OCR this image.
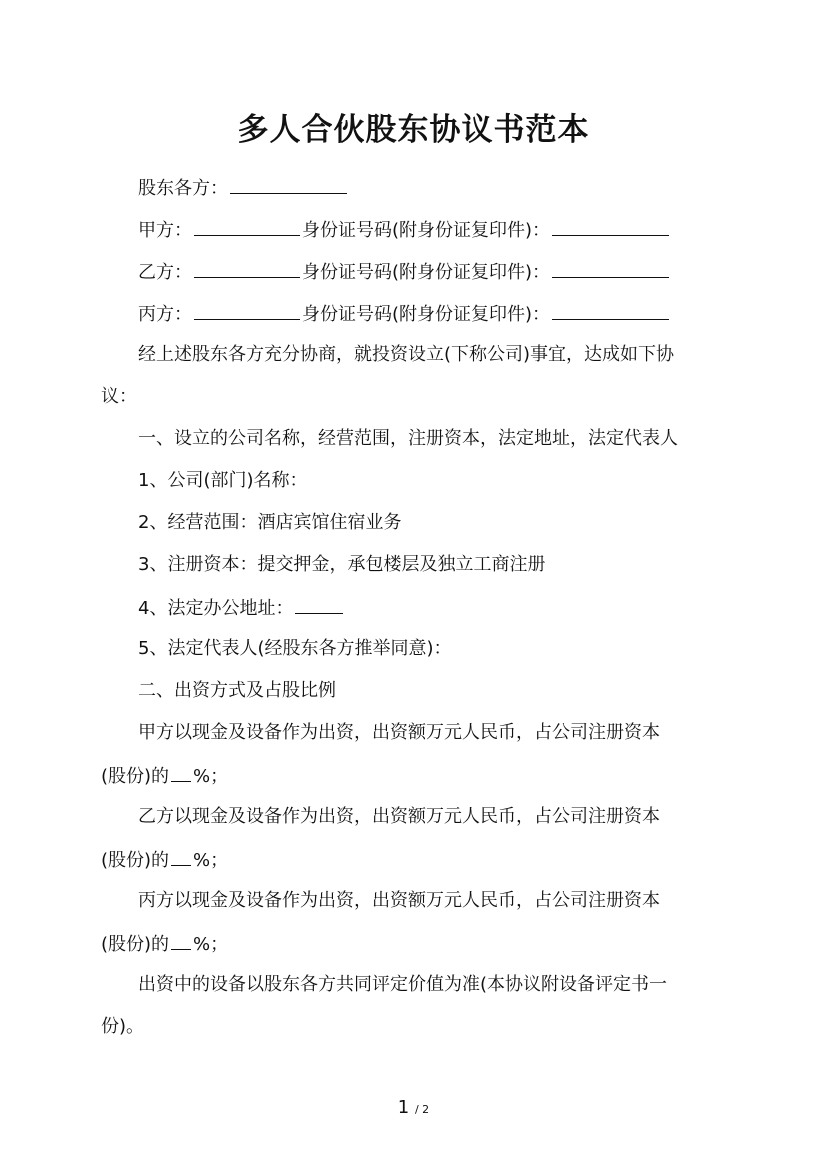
多人合伙股东协议书范本
股东各方：
甲方：	身份证号码(附身份证复印件)：
乙方：	身份证号码(附身份证复印件)：
丙方：	身份证号码(附身份证复印件)：
经上述股东各方充分协商，就投资设立(下称公司)事宜，达成如下协
议：
一、设立的公司名称，经营范围，注册资本，法定地址，法定代表人
1、公司(部门)名称：
2、经营范围：酒店宾馆住宿业务
3、注册资本：提交押金，承包楼层及独立工商注册
4、法定办公地址：
5、法定代表人(经股东各方推举同意)：
二、出资方式及占股比例
甲方以现金及设备作为出资，出资额万元人民币，占公司注册资本
(股份)的 %；
乙方以现金及设备作为出资，出资额万元人民币，占公司注册资本
(股份)的 %；
丙方以现金及设备作为出资，出资额万元人民币，占公司注册资本
(股份)的 %；
出资中的设备以股东各方共同评定价值为准(本协议附设备评定书一
份)。
1 / 2
